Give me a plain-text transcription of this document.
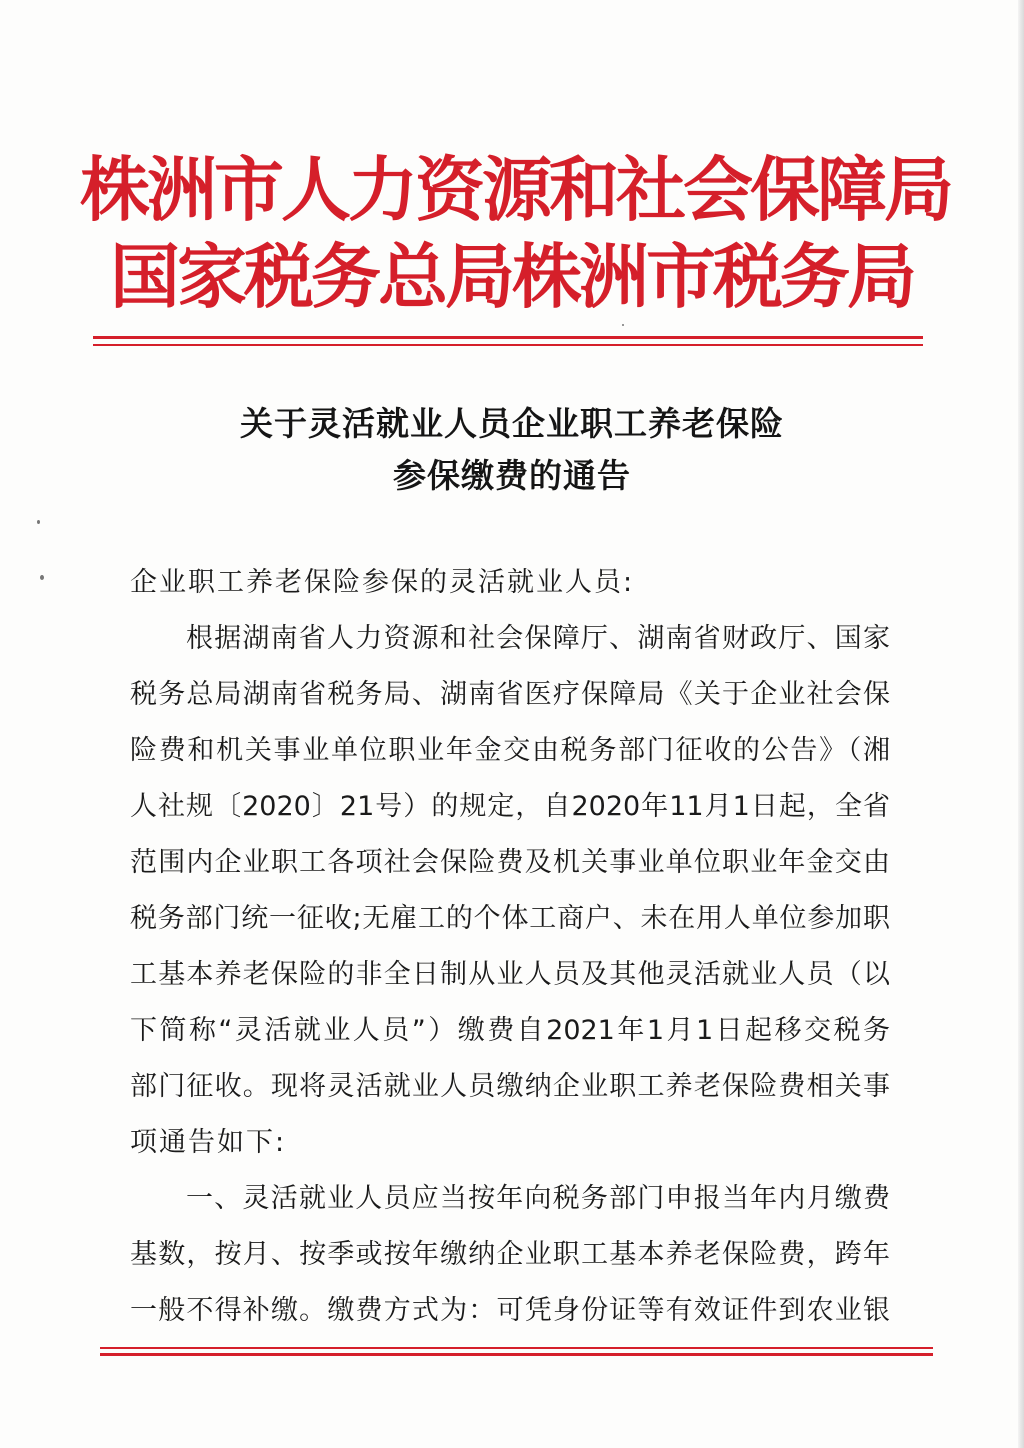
株洲市人力资源和社会保障局
国家税务总局株洲市税务局
关于灵活就业人员企业职工养老保险
参保缴费的通告
企业职工养老保险参保的灵活就业人员:
根据湖南省人力资源和社会保障厅、湖南省财政厅、国家
税务总局湖南省税务局、湖南省医疗保障局《关于企业社会保
险费和机关事业单位职业年金交由税务部门征收的公告》（湘
人社规〔2020〕21号）的规定，自2020年11月1日起，全省
范围内企业职工各项社会保险费及机关事业单位职业年金交由
税务部门统一征收;无雇工的个体工商户、未在用人单位参加职
工基本养老保险的非全日制从业人员及其他灵活就业人员（以
下简称“灵活就业人员”）缴费自2021年1月1日起移交税务
部门征收。现将灵活就业人员缴纳企业职工养老保险费相关事
项通告如下:
一、灵活就业人员应当按年向税务部门申报当年内月缴费
基数，按月、按季或按年缴纳企业职工基本养老保险费，跨年
一般不得补缴。缴费方式为：可凭身份证等有效证件到农业银
